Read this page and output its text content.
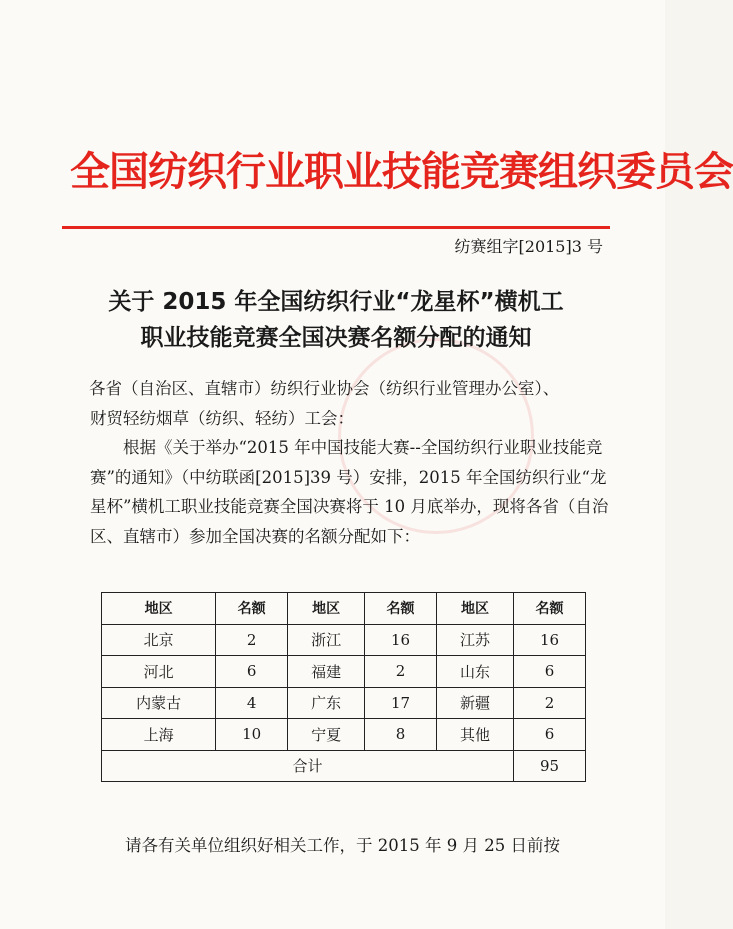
全国纺织行业职业技能竞赛组织委员会
纺赛组字[2015]3 号
关于 2015 年全国纺织行业“龙星杯”横机工
职业技能竞赛全国决赛名额分配的通知

各省（自治区、直辖市）纺织行业协会（纺织行业管理办公室）、

财贸轻纺烟草（纺织、轻纺）工会：

根据《关于举办“2015 年中国技能大赛--全国纺织行业职业技能竞赛”的通知》（中纺联函[2015]39 号）安排，2015 年全国纺织行业“龙星杯”横机工职业技能竞赛全国决赛将于 10 月底举办，现将各省（自治区、直辖市）参加全国决赛的名额分配如下：

地区	名额	地区	名额	地区	名额
北京	2	浙江	16	江苏	16
河北	6	福建	2	山东	6
内蒙古	4	广东	17	新疆	2
上海	10	宁夏	8	其他	6
合计					95
请各有关单位组织好相关工作，于 2015 年 9 月 25 日前按
